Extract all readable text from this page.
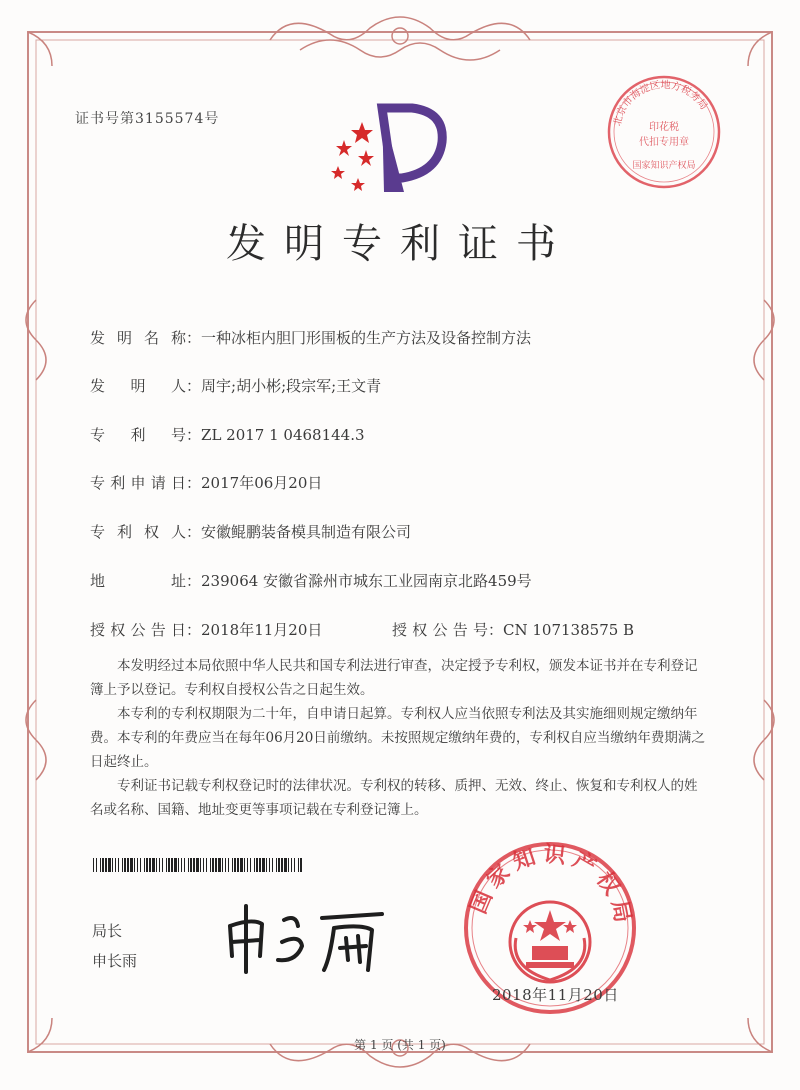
证书号第3155574号
发明专利证书
发明名称：一种冰柜内胆冂形围板的生产方法及设备控制方法
发明人：周宇;胡小彬;段宗军;王文青
专利号：ZL 2017 1 0468144.3
专利申请日：2017年06月20日
专利权人：安徽鲲鹏装备模具制造有限公司
地址：239064 安徽省滁州市城东工业园南京北路459号
授权公告日：2018年11月20日	授权公告号：CN 107138575 B

本发明经过本局依照中华人民共和国专利法进行审查，决定授予专利权，颁发本证书并在专利登记簿上予以登记。专利权自授权公告之日起生效。

本专利的专利权期限为二十年，自申请日起算。专利权人应当依照专利法及其实施细则规定缴纳年费。本专利的年费应当在每年06月20日前缴纳。未按照规定缴纳年费的，专利权自应当缴纳年费期满之日起终止。

专利证书记载专利权登记时的法律状况。专利权的转移、质押、无效、终止、恢复和专利权人的姓名或名称、国籍、地址变更等事项记载在专利登记簿上。

局长
申长雨
北京市海淀区地方税务局
印花税
代扣专用章
国家知识产权局
国家知识产权局
2018年11月20日
第 1 页 (共 1 页)
